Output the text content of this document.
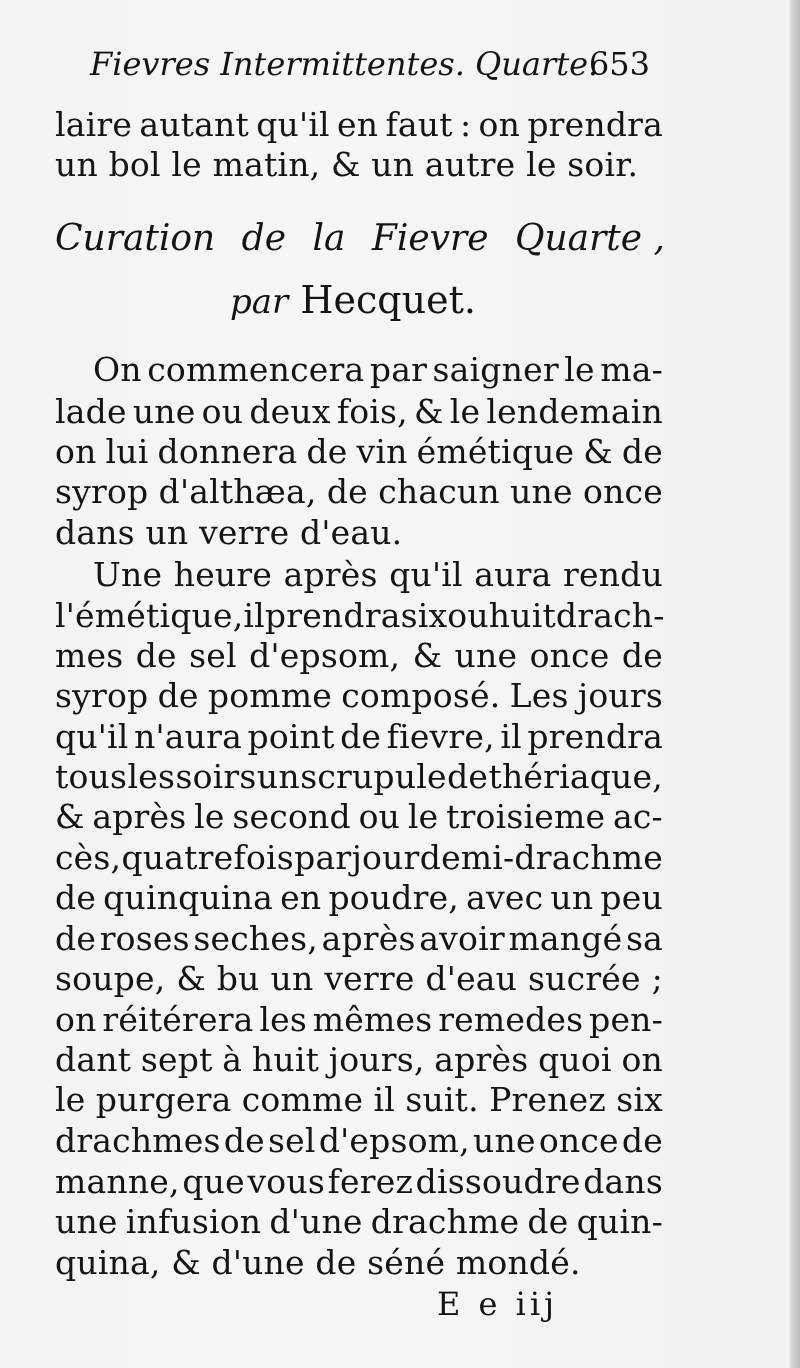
Fievres Intermittentes. Quarte.
653
laire autant qu'il en faut : on prendra
un bol le matin, & un autre le soir.
Curation de la Fievre Quarte ,
par Hecquet.
On commencera par saigner le ma-
lade une ou deux fois, & le lendemain
on lui donnera de vin émétique & de
syrop d'althæa, de chacun une once
dans un verre d'eau.
Une heure après qu'il aura rendu
l'émétique, il prendra six ou huit drach-
mes de sel d'epsom, & une once de
syrop de pomme composé. Les jours
qu'il n'aura point de fievre, il prendra
tous les soirs un scrupule de thériaque,
& après le second ou le troisieme ac-
cès, quatre fois par jour demi-drachme
de quinquina en poudre, avec un peu
de roses seches, après avoir mangé sa
soupe, & bu un verre d'eau sucrée ;
on réitérera les mêmes remedes pen-
dant sept à huit jours, après quoi on
le purgera comme il suit. Prenez six
drachmes de sel d'epsom, une once de
manne, que vous ferez dissoudre dans
une infusion d'une drachme de quin-
quina, & d'une de séné mondé.
E e iij
